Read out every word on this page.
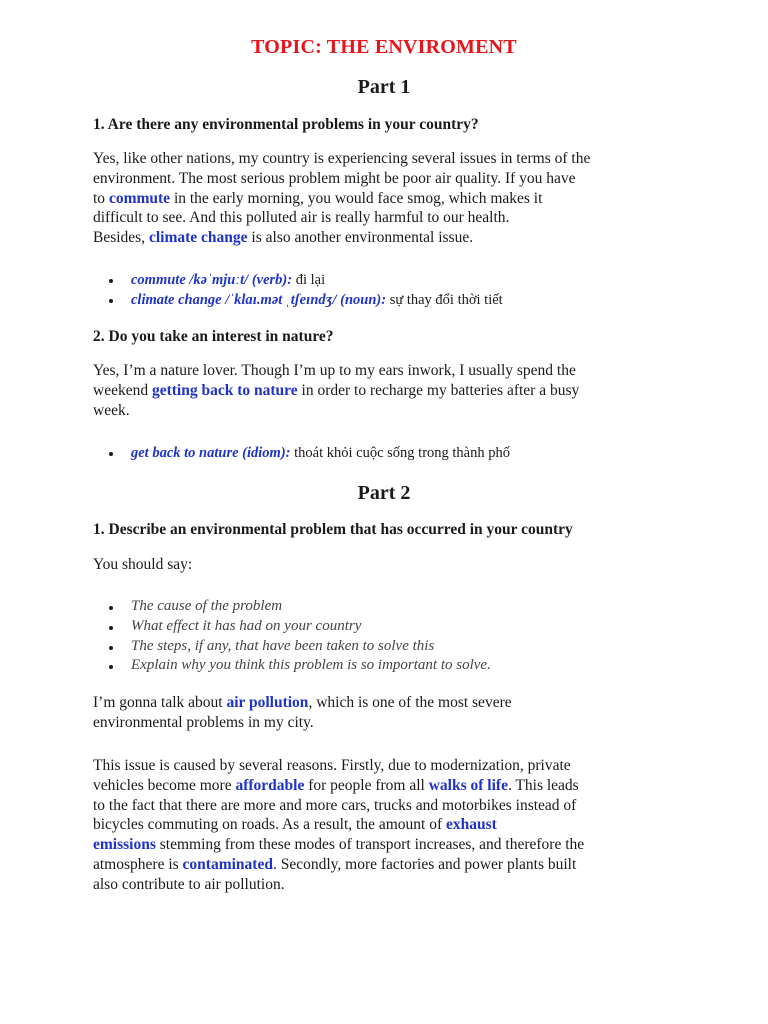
TOPIC: THE ENVIROMENT
Part 1
1. Are there any environmental problems in your country?
Yes, like other nations, my country is experiencing several issues in terms of the
environment. The most serious problem might be poor air quality. If you have
to commute in the early morning, you would face smog, which makes it
difficult to see. And this polluted air is really harmful to our health.
Besides, climate change is also another environmental issue.
commute /kəˈmjuːt/ (verb): đi lại
climate change /ˈklaɪ.mət ˌtʃeɪndʒ/ (noun): sự thay đổi thời tiết
2. Do you take an interest in nature?
Yes, I’m a nature lover. Though I’m up to my ears inwork, I usually spend the
weekend getting back to nature in order to recharge my batteries after a busy
week.
get back to nature (idiom): thoát khỏi cuộc sống trong thành phố
Part 2
1. Describe an environmental problem that has occurred in your country
You should say:
The cause of the problem
What effect it has had on your country
The steps, if any, that have been taken to solve this
Explain why you think this problem is so important to solve.
I’m gonna talk about air pollution, which is one of the most severe
environmental problems in my city.
This issue is caused by several reasons. Firstly, due to modernization, private
vehicles become more affordable for people from all walks of life. This leads
to the fact that there are more and more cars, trucks and motorbikes instead of
bicycles commuting on roads. As a result, the amount of exhaust
emissions stemming from these modes of transport increases, and therefore the
atmosphere is contaminated. Secondly, more factories and power plants built
also contribute to air pollution.
